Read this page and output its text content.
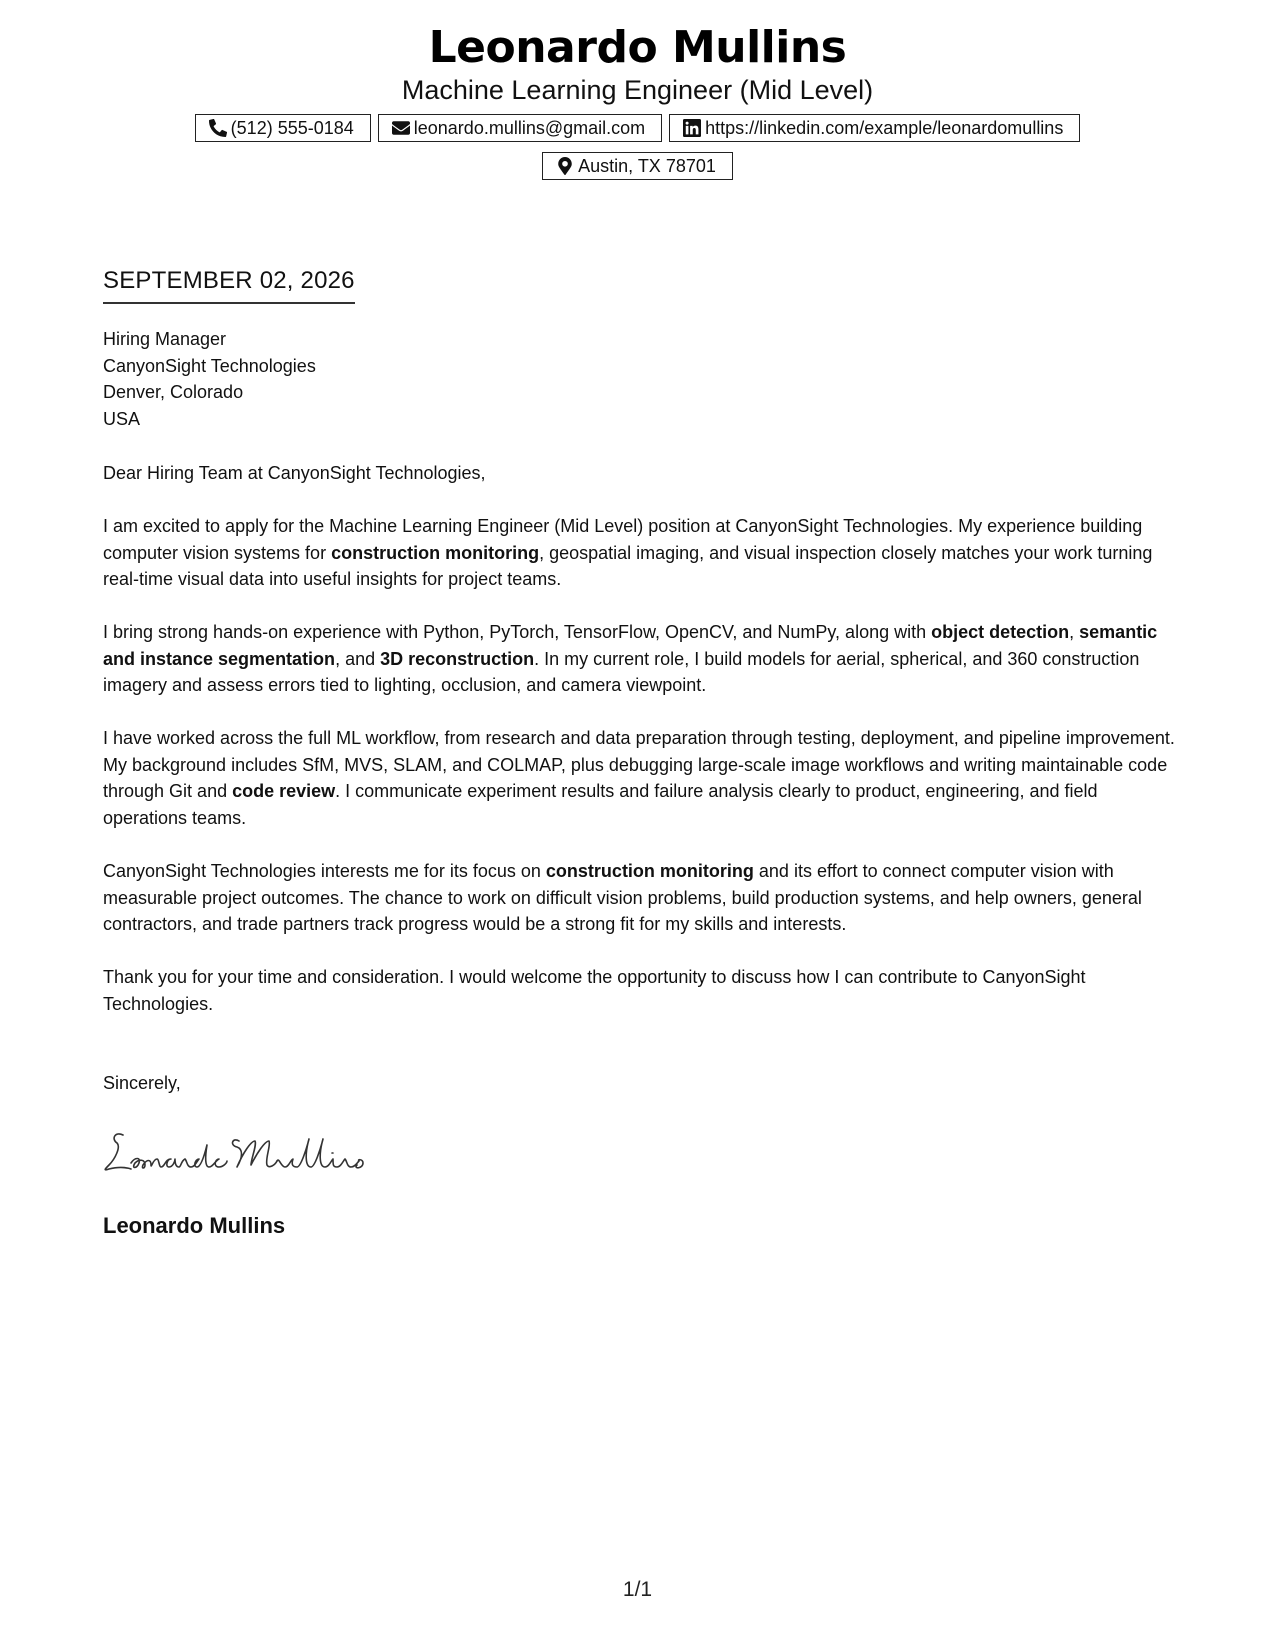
Leonardo Mullins
Machine Learning Engineer (Mid Level)
(512) 555-0184	leonardo.mullins@gmail.com	https://linkedin.com/example/leonardomullins
Austin, TX 78701
SEPTEMBER 02, 2026
Hiring Manager
CanyonSight Technologies
Denver, Colorado
USA
Dear Hiring Team at CanyonSight Technologies,
I am excited to apply for the Machine Learning Engineer (Mid Level) position at CanyonSight Technologies. My experience building computer vision systems for construction monitoring, geospatial imaging, and visual inspection closely matches your work turning real-time visual data into useful insights for project teams.
I bring strong hands-on experience with Python, PyTorch, TensorFlow, OpenCV, and NumPy, along with object detection, semantic and instance segmentation, and 3D reconstruction. In my current role, I build models for aerial, spherical, and 360 construction imagery and assess errors tied to lighting, occlusion, and camera viewpoint.
I have worked across the full ML workflow, from research and data preparation through testing, deployment, and pipeline improvement. My background includes SfM, MVS, SLAM, and COLMAP, plus debugging large-scale image workflows and writing maintainable code through Git and code review. I communicate experiment results and failure analysis clearly to product, engineering, and field operations teams.
CanyonSight Technologies interests me for its focus on construction monitoring and its effort to connect computer vision with measurable project outcomes. The chance to work on difficult vision problems, build production systems, and help owners, general contractors, and trade partners track progress would be a strong fit for my skills and interests.
Thank you for your time and consideration. I would welcome the opportunity to discuss how I can contribute to CanyonSight Technologies.
Sincerely,
Leonardo Mullins
1/1
